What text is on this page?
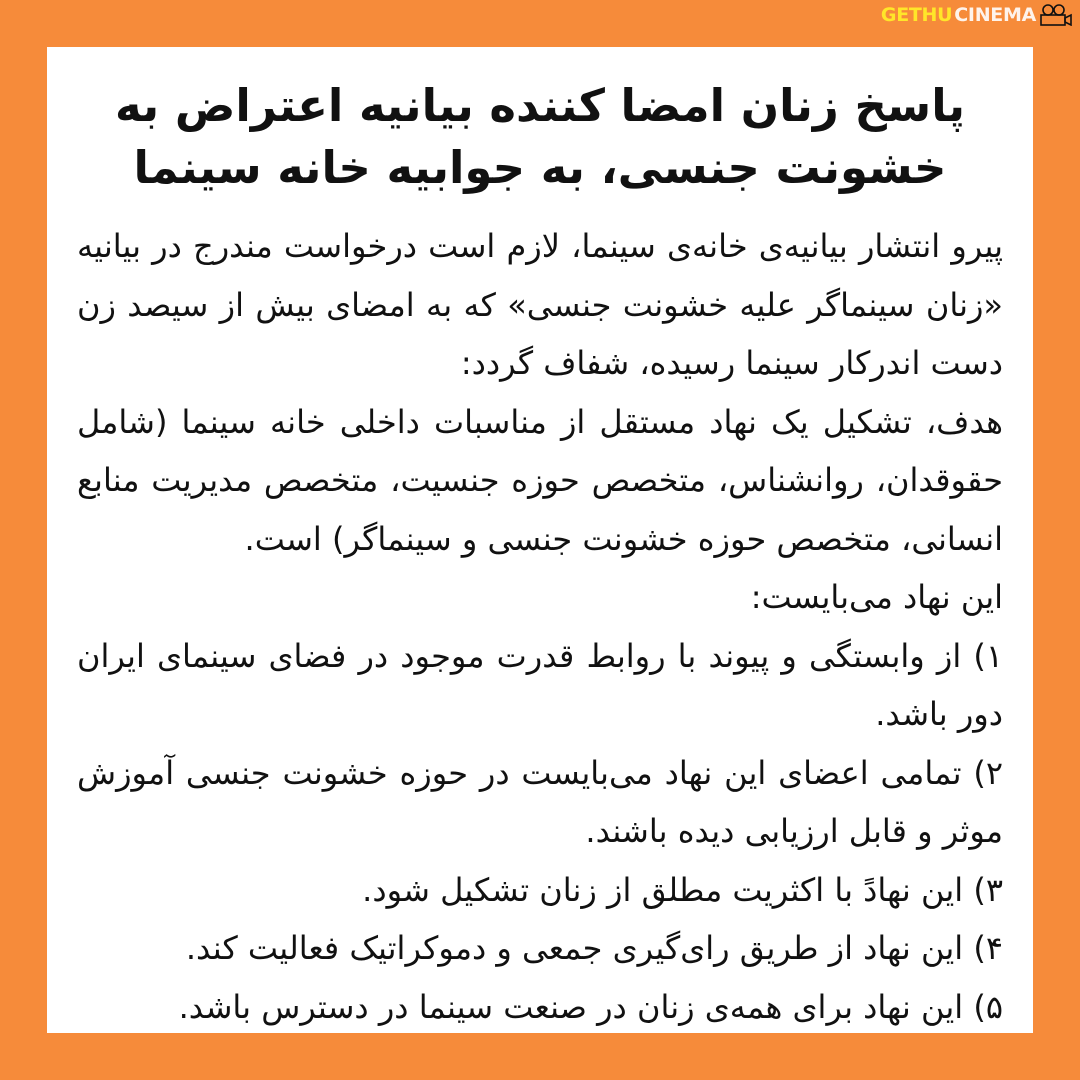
GETHU CINEMA
پاسخ زنان امضا کننده بیانیه اعتراض به خشونت جنسی، به جوابیه خانه سینما

پیرو انتشار بیانیه‌ی خانه‌ی سینما، لازم است درخواست مندرج در بیانیه «زنان سینماگر علیه خشونت جنسی» که به امضای بیش از سیصد زن دست اندرکار سینما رسیده، شفاف گردد:

هدف، تشکیل یک نهاد مستقل از مناسبات داخلی خانه سینما (شامل حقوقدان، روانشناس، متخصص حوزه جنسیت، متخصص مدیریت منابع انسانی، متخصص حوزه خشونت جنسی و سینماگر) است.

این نهاد می‌بایست:

۱) از وابستگی و پیوند با روابط قدرت موجود در فضای سینمای ایران دور باشد.

۲) تمامی اعضای این نهاد می‌بایست در حوزه خشونت جنسی آموزش موثر و قابل ارزیابی دیده باشند.

۳) این نهادً با اکثریت مطلق از زنان تشکیل شود.

۴) این نهاد از طریق رای‌گیری جمعی و دموکراتیک فعالیت کند.

۵) این نهاد برای همه‌ی زنان در صنعت سینما در دسترس باشد.
